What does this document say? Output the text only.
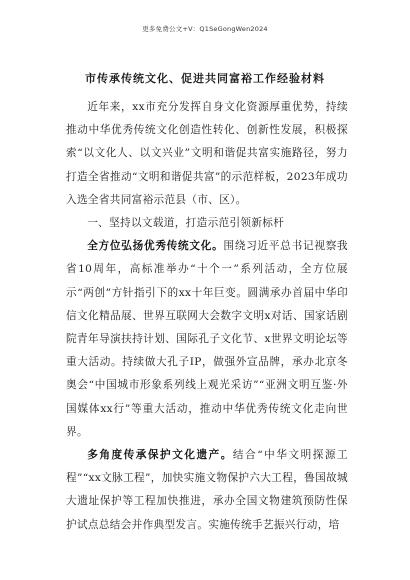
更多免费公文+V：Q1SeGongWen2024
市传承传统文化、促进共同富裕工作经验材料

近年来，xx市充分发挥自身文化资源厚重优势，持续推动中华优秀传统文化创造性转化、创新性发展，积极探索“以文化人、以文兴业”文明和谐促共富实施路径，努力打造全省推动“文明和谐促共富”的示范样板，2023年成功入选全省共同富裕示范县（市、区）。

一、坚持以文载道，打造示范引领新标杆

全方位弘扬优秀传统文化。围绕习近平总书记视察我省10周年，高标准举办“十个一”系列活动，全方位展示“两创”方针指引下的xx十年巨变。圆满承办首届中华印信文化精品展、世界互联网大会数字文明x对话、国家话剧院青年导演扶持计划、国际孔子文化节、x世界文明论坛等重大活动。持续做大孔子IP，做强外宣品牌，承办北京冬奥会“中国城市形象系列线上观光采访”“亚洲文明互鉴·外国媒体xx行”等重大活动，推动中华优秀传统文化走向世界。

多角度传承保护文化遗产。结合“中华文明探源工程”“xx文脉工程”，加快实施文物保护六大工程，鲁国故城大遗址保护等工程加快推进，承办全国文物建筑预防性保护试点总结会并作典型发言。实施传统手艺振兴行动，培
